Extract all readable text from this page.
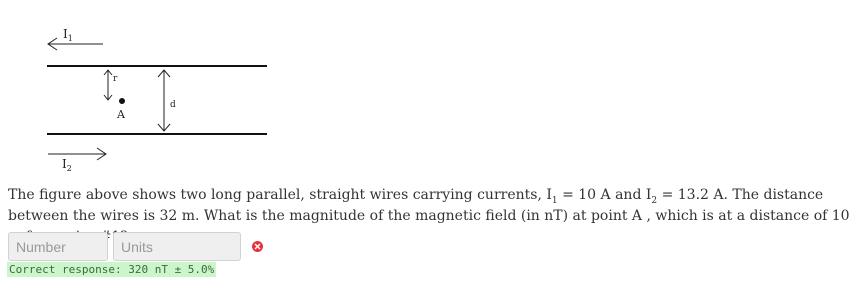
$I_1$
r
A
d
$I_2$
The figure above shows two long parallel, straight wires carrying currents, $I_1 = 10$ A and $I_2 = 13.2$ A. The distance between the wires is 32 m. What is the magnitude of the magnetic field (in nT) at point A , which is at a distance of 10
Number
Units
Correct response: 320 nT ± 5.0%
